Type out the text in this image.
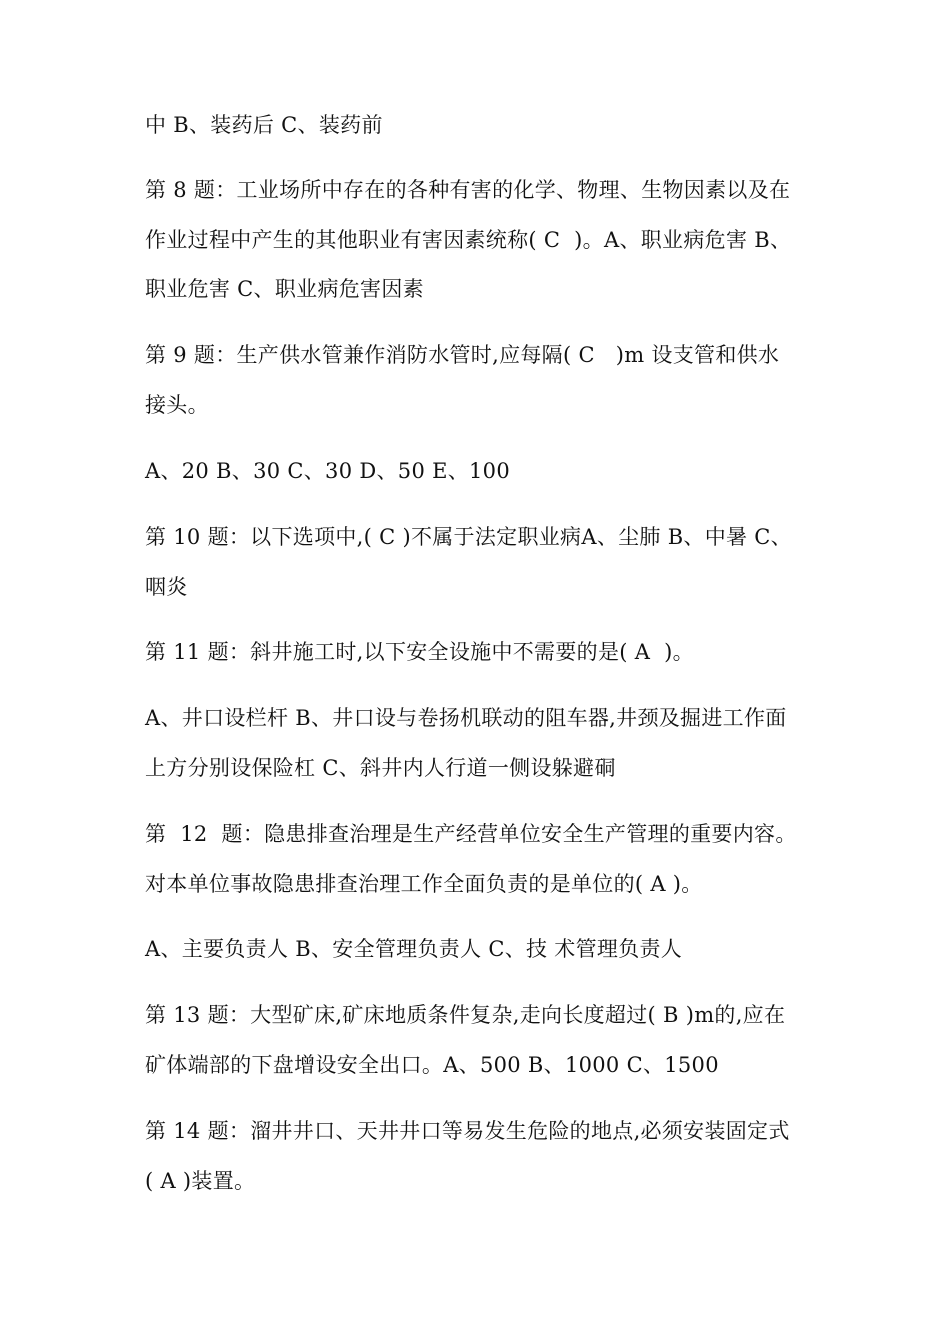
中 B、装药后 C、装药前
第 8 题：工业场所中存在的各种有害的化学、物理、生物因素以及在
作业过程中产生的其他职业有害因素统称( C  )。A、职业病危害 B、
职业危害 C、职业病危害因素
第 9 题：生产供水管兼作消防水管时,应每隔( C   )m 设支管和供水
接头。
A、20 B、30 C、30 D、50 E、100
第 10 题：以下选项中,( C )不属于法定职业病A、尘肺 B、中暑 C、
咽炎
第 11 题：斜井施工时,以下安全设施中不需要的是( A  )。
A、井口设栏杆 B、井口设与卷扬机联动的阻车器,井颈及掘进工作面
上方分别设保险杠 C、斜井内人行道一侧设躲避硐
第  12  题：隐患排查治理是生产经营单位安全生产管理的重要内容。
对本单位事故隐患排查治理工作全面负责的是单位的( A )。
A、主要负责人 B、安全管理负责人 C、技 术管理负责人
第 13 题：大型矿床,矿床地质条件复杂,走向长度超过( B )m的,应在
矿体端部的下盘增设安全出口。A、500 B、1000 C、1500
第 14 题：溜井井口、天井井口等易发生危险的地点,必须安装固定式
( A )装置。
